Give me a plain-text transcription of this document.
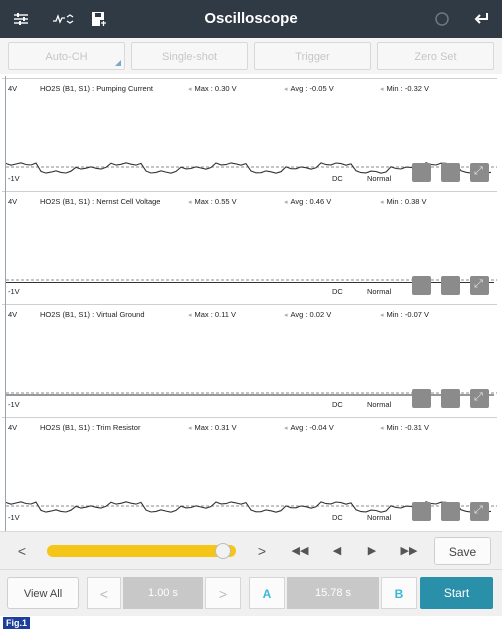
Oscilloscope
Auto-CH	Single-shot	Trigger	Zero Set
4V	HO2S (B1, S1) : Pumping Current	◂ Max : 0.30 V	◂ Avg : -0.05 V	◂ Min : -0.32 V
-1V	DC	Normal
⤢
4V	HO2S (B1, S1) : Nernst Cell Voltage	◂ Max : 0.55 V	◂ Avg : 0.46 V	◂ Min : 0.38 V
-1V	DC	Normal
⤢
4V	HO2S (B1, S1) : Virtual Ground	◂ Max : 0.11 V	◂ Avg : 0.02 V	◂ Min : -0.07 V
-1V	DC	Normal
⤢
4V	HO2S (B1, S1) : Trim Resistor	◂ Max : 0.31 V	◂ Avg : -0.04 V	◂ Min : -0.31 V
-1V	DC	Normal
⤢
<	>	◀◀	◀	▶	▶▶	Save
View All	<	1.00 s	>	A	15.78 s	B	Start
Fig.1
